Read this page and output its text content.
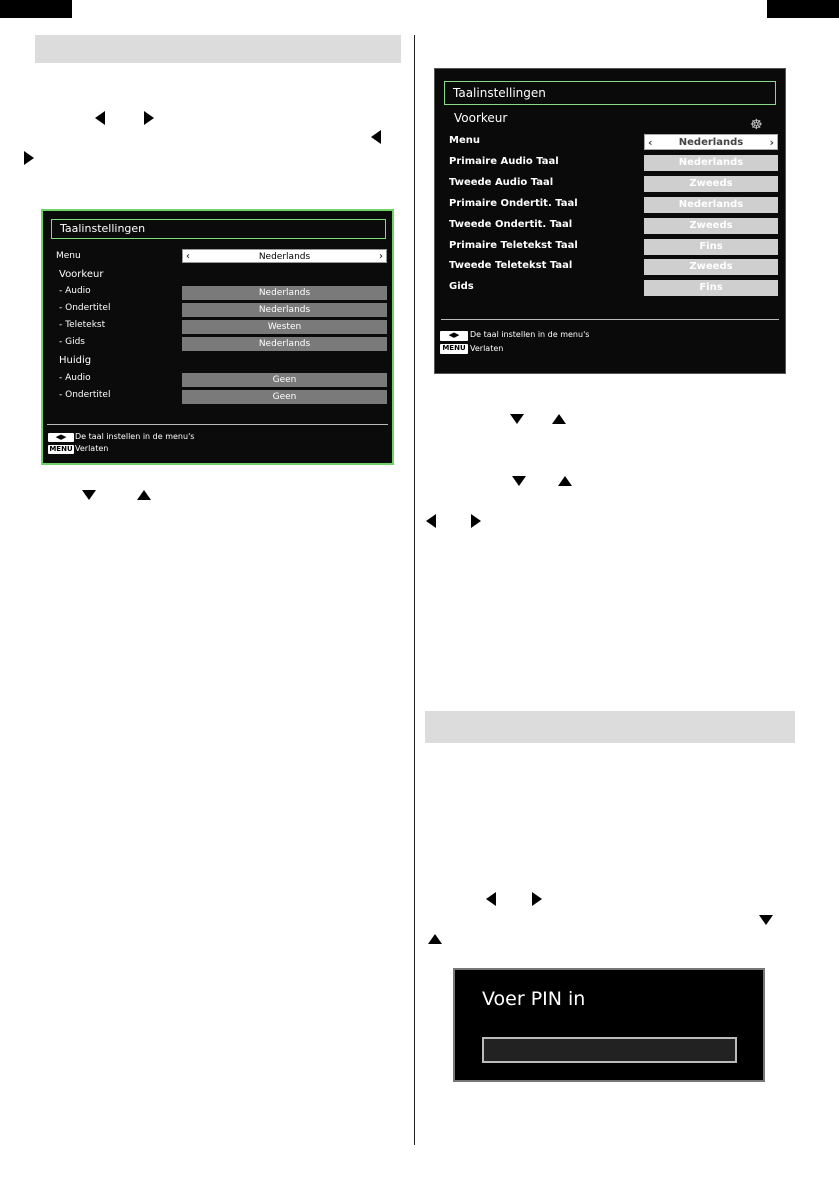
Taalinstellingen
Menu	‹	Nederlands	›
Voorkeur
- Audio	Nederlands
- Ondertitel	Nederlands
- Teletekst	Westen
- Gids	Nederlands
Huidig
- Audio	Geen
- Ondertitel	Geen
◀▶	De taal instellen in de menu's
MENU Verlaten
Taalinstellingen
Voorkeur	☸
Menu	‹	Nederlands ›
Primaire Audio Taal	Nederlands
Tweede Audio Taal	Zweeds
Primaire Ondertit. Taal	Nederlands
Tweede Ondertit. Taal	Zweeds
Primaire Teletekst Taal	Fins
Tweede Teletekst Taal	Zweeds
Gids	Fins
◀▶	De taal instellen in de menu's
MENU Verlaten
Voer PIN in
